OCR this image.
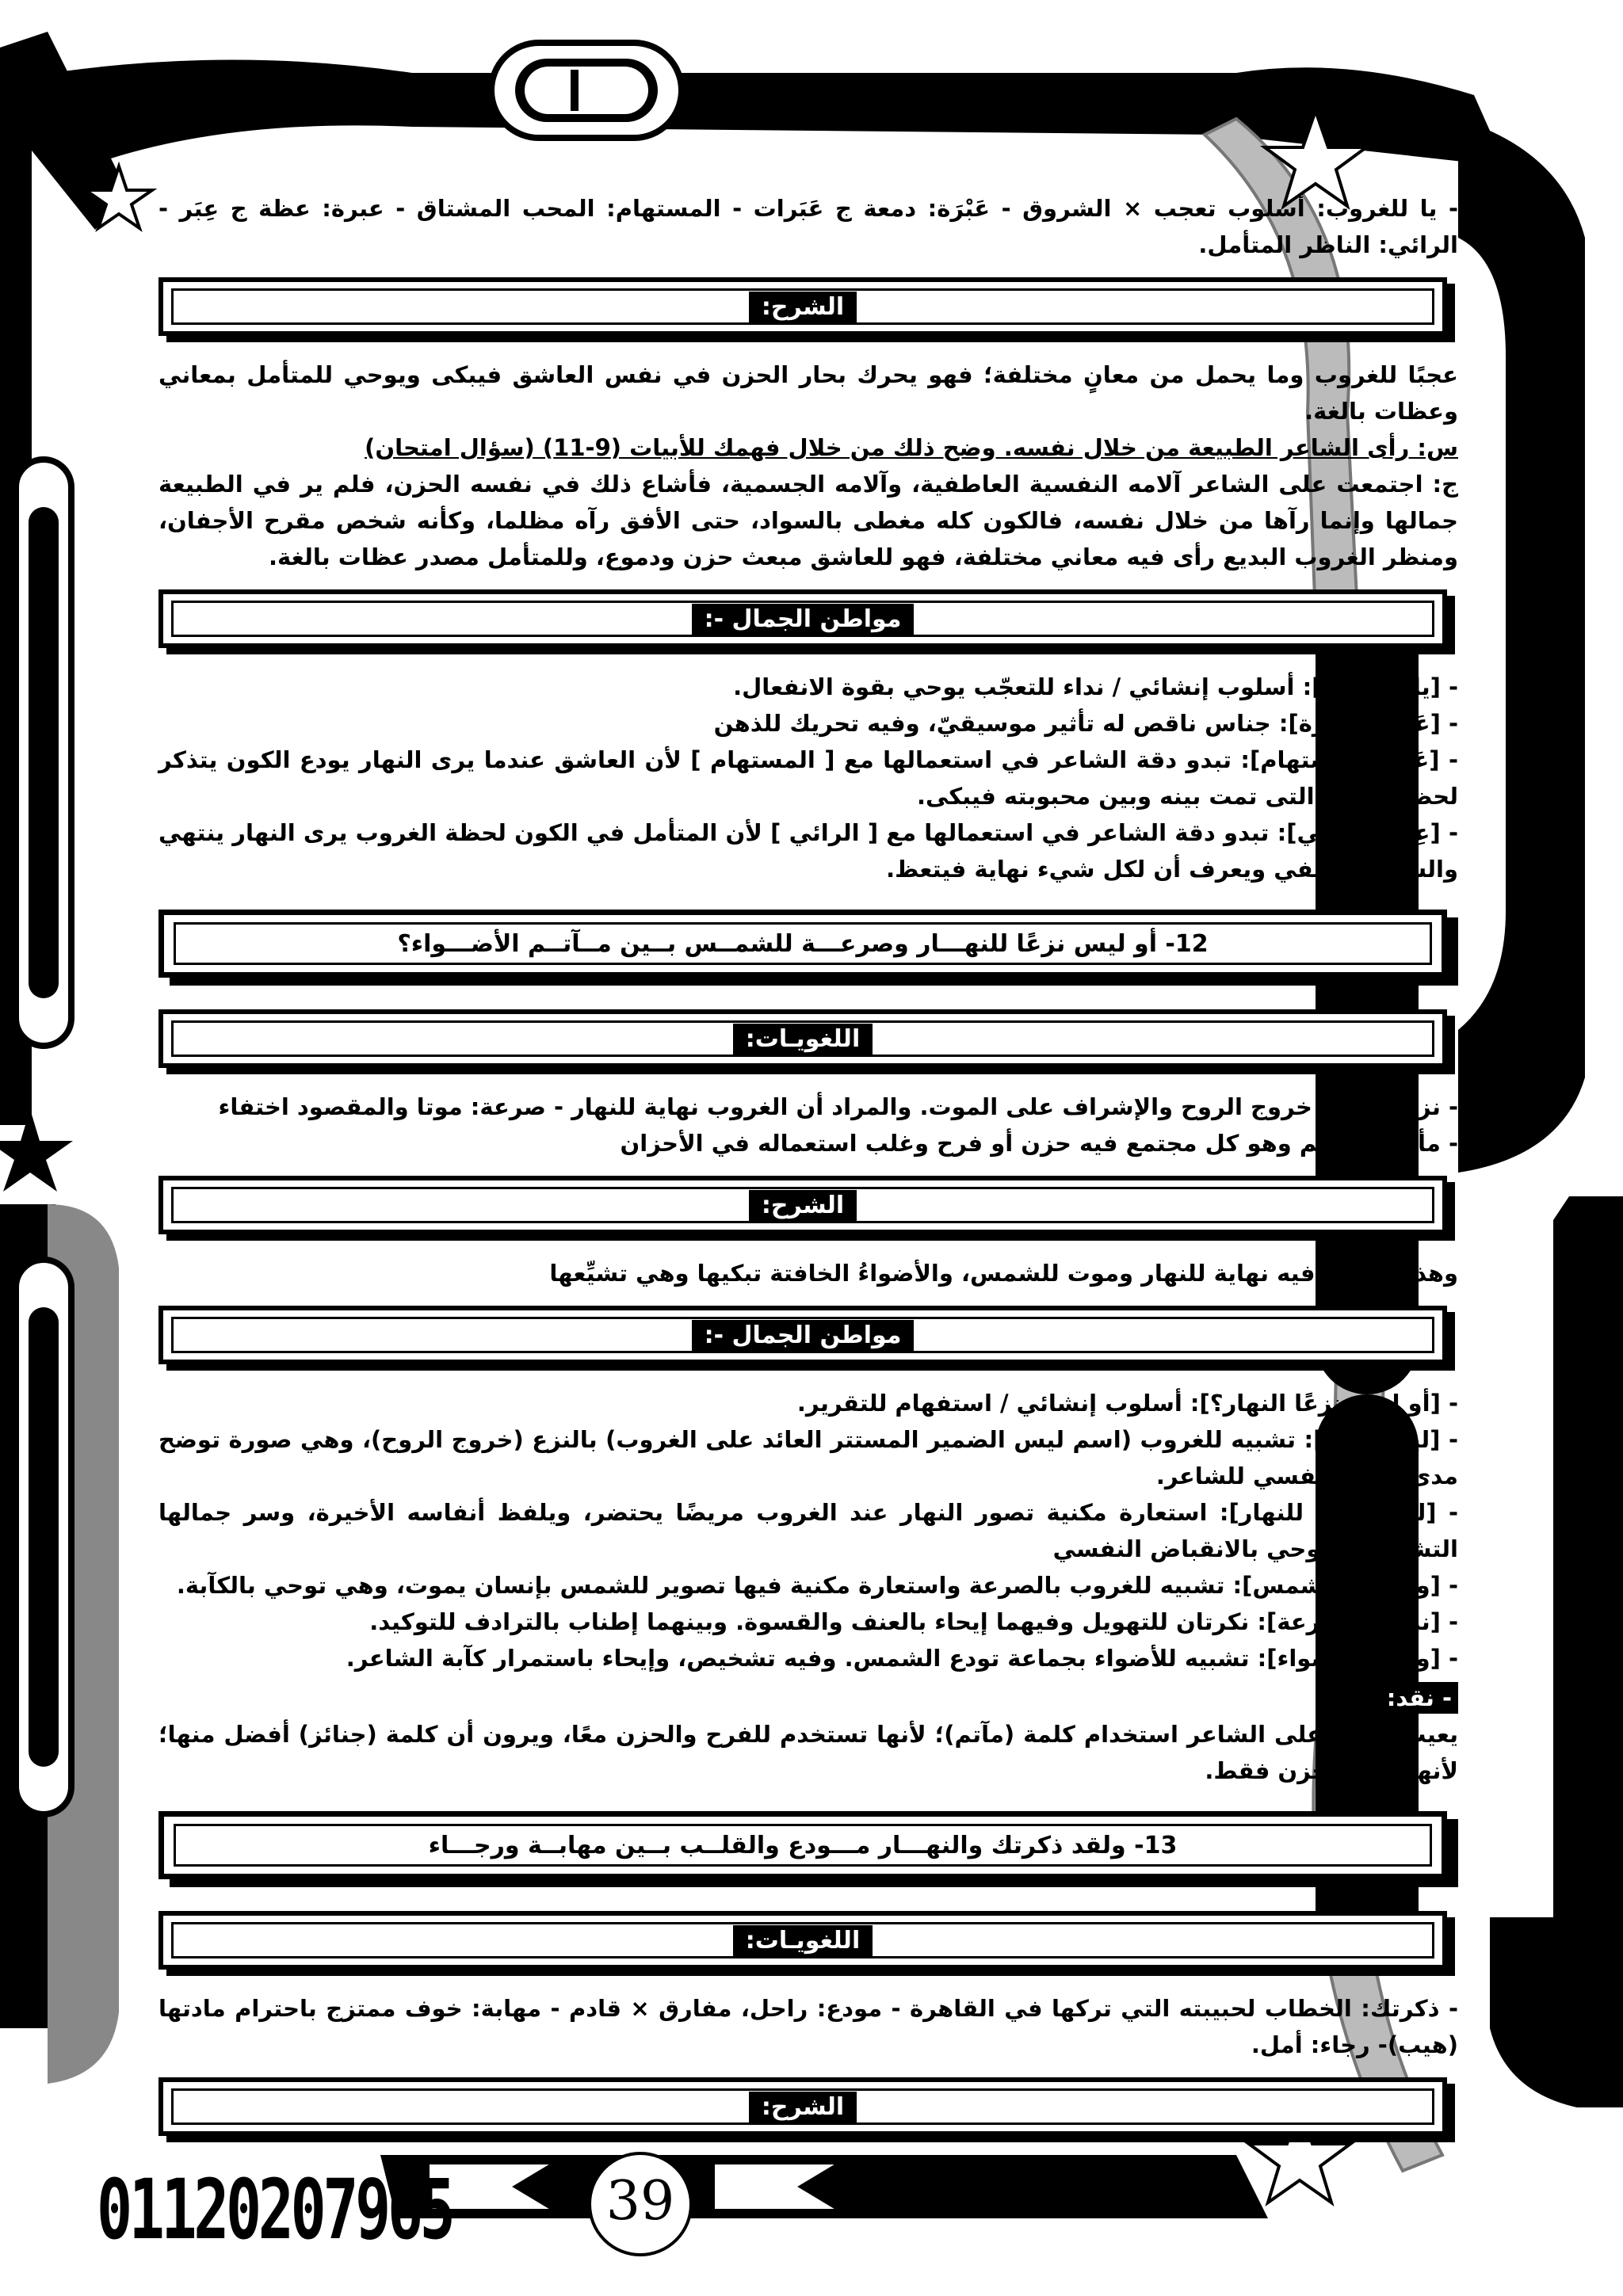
- يا للغروب: أسلوب تعجب × الشروق - عَبْرَة: دمعة ج عَبَرات - المستهام: المحب المشتاق - عبرة: عظة ج عِبَر - الرائي: الناظر المتأمل.

الشرح:

عجبًا للغروب وما يحمل من معانٍ مختلفة؛ فهو يحرك بحار الحزن في نفس العاشق فيبكى ويوحي للمتأمل بمعاني وعظات بالغة.

س: رأى الشاعر الطبيعة من خلال نفسه. وضح ذلك من خلال فهمك للأبيات (9-11) (سؤال امتحان)

ج: اجتمعت على الشاعر آلامه النفسية العاطفية، وآلامه الجسمية، فأشاع ذلك في نفسه الحزن، فلم ير في الطبيعة جمالها وإنما رآها من خلال نفسه، فالكون كله مغطى بالسواد، حتى الأفق رآه مظلما، وكأنه شخص مقرح الأجفان، ومنظر الغروب البديع رأى فيه معاني مختلفة، فهو للعاشق مبعث حزن ودموع، وللمتأمل مصدر عظات بالغة.

مواطن الجمال -:

- [يا للغروب]: أسلوب إنشائي / نداء للتعجّب يوحي بقوة الانفعال.

- [عَبرة - عِبرة]: جناس ناقص له تأثير موسيقيّ، وفيه تحريك للذهن

- [عَبْرَة للمستهام]: تبدو دقة الشاعر في استعمالها مع [ المستهام ] لأن العاشق عندما يرى النهار يودع الكون يتذكر لحظة الوداع التى تمت بينه وبين محبوبته فيبكى.

- [عِبْرَة للرائي]: تبدو دقة الشاعر في استعمالها مع [ الرائي ] لأن المتأمل في الكون لحظة الغروب يرى النهار ينتهي والشمس تختفي ويعرف أن لكل شيء نهاية فيتعظ.

12- أو ليس نزعًا للنهـــار وصرعـــة للشمــس بــين مــآتــم الأضـــواء؟
اللغويـات:

- نزعًا: النزع خروج الروح والإشراف على الموت. والمراد أن الغروب نهاية للنهار - صرعة: موتا والمقصود اختفاء

- مأتم: م مآتم وهو كل مجتمع فيه حزن أو فرح وغلب استعماله في الأحزان

الشرح:

وهذا المساء فيه نهاية للنهار وموت للشمس، والأضواءُ الخافتة تبكيها وهي تشيِّعها

مواطن الجمال -:

- [أو ليس نزعًا النهار؟]: أسلوب إنشائي / استفهام للتقرير.

- [ليس نزعا]: تشبيه للغروب (اسم ليس الضمير المستتر العائد على الغروب) بالنزع (خروج الروح)، وهي صورة توضح مدى الألم النفسي للشاعر.

- [ليس نزعا للنهار]: استعارة مكنية تصور النهار عند الغروب مريضًا يحتضر، ويلفظ أنفاسه الأخيرة، وسر جمالها التشخيص وتوحي بالانقباض النفسي

- [وصرعة للشمس]: تشبيه للغروب بالصرعة واستعارة مكنية فيها تصوير للشمس بإنسان يموت، وهي توحي بالكآبة.

- [نزعًا - وصرعة]: نكرتان للتهويل وفيهما إيحاء بالعنف والقسوة. وبينهما إطناب بالترادف للتوكيد.

- [ومآتم الأضواء]: تشبيه للأضواء بجماعة تودع الشمس. وفيه تشخيص، وإيحاء باستمرار كآبة الشاعر.

- نقد:

يعيب النقاد على الشاعر استخدام كلمة (مآتم)؛ لأنها تستخدم للفرح والحزن معًا، ويرون أن كلمة (جنائز) أفضل منها؛ لأنها تفيد الحزن فقط.

13- ولقد ذكرتك والنهـــار مـــودع والقلــب بــين مهابــة ورجـــاء
اللغويـات:

- ذكرتك: الخطاب لحبيبته التي تركها في القاهرة - مودع: راحل، مفارق × قادم - مهابة: خوف ممتزج باحترام مادتها (هيب)- رجاء: أمل.

الشرح:
01120207965	39
